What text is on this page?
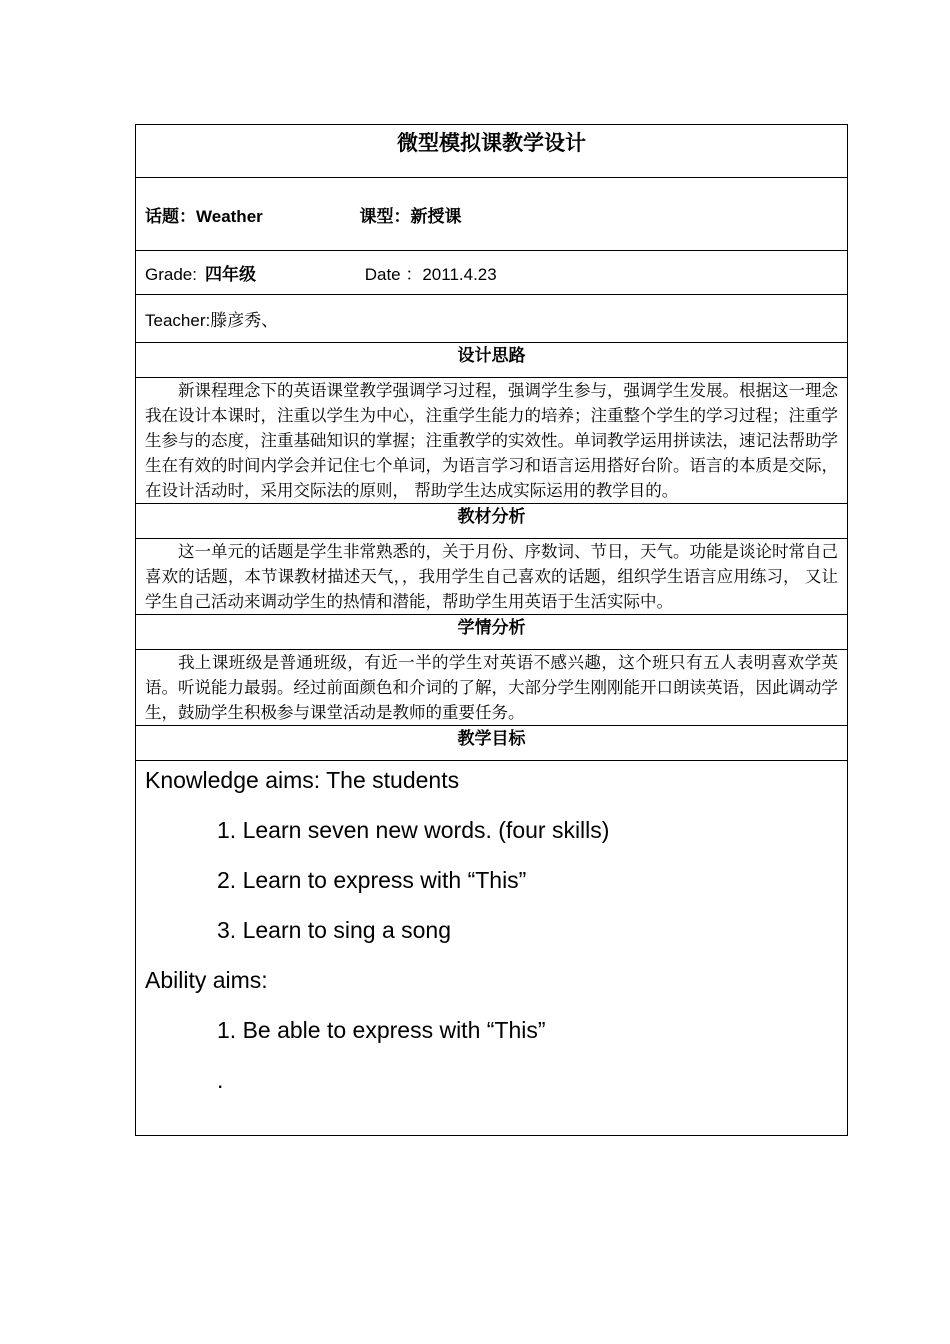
微型模拟课教学设计

话题：Weather	课型：新授课
Grade: 四年级	Date ：2011.4.23
Teacher:滕彦秀、
设计思路

新课程理念下的英语课堂教学强调学习过程，强调学生参与，强调学生发展。根据这一理念我在设计本课时，注重以学生为中心，注重学生能力的培养；注重整个学生的学习过程；注重学生参与的态度，注重基础知识的掌握；注重教学的实效性。单词教学运用拼读法，速记法帮助学生在有效的时间内学会并记住七个单词，为语言学习和语言运用搭好台阶。语言的本质是交际，在设计活动时，采用交际法的原则， 帮助学生达成实际运用的教学目的。

教材分析

这一单元的话题是学生非常熟悉的，关于月份、序数词、节日，天气。功能是谈论时常自己喜欢的话题，本节课教材描述天气，，我用学生自己喜欢的话题，组织学生语言应用练习， 又让学生自己活动来调动学生的热情和潜能，帮助学生用英语于生活实际中。

学情分析

我上课班级是普通班级，有近一半的学生对英语不感兴趣，这个班只有五人表明喜欢学英语。听说能力最弱。经过前面颜色和介词的了解，大部分学生刚刚能开口朗读英语，因此调动学生，鼓励学生积极参与课堂活动是教师的重要任务。

教学目标

Knowledge aims: The students
1. Learn seven new words. (four skills)
2. Learn to express with “This”
3. Learn to sing a song
Ability aims:
1. Be able to express with “This”
.
